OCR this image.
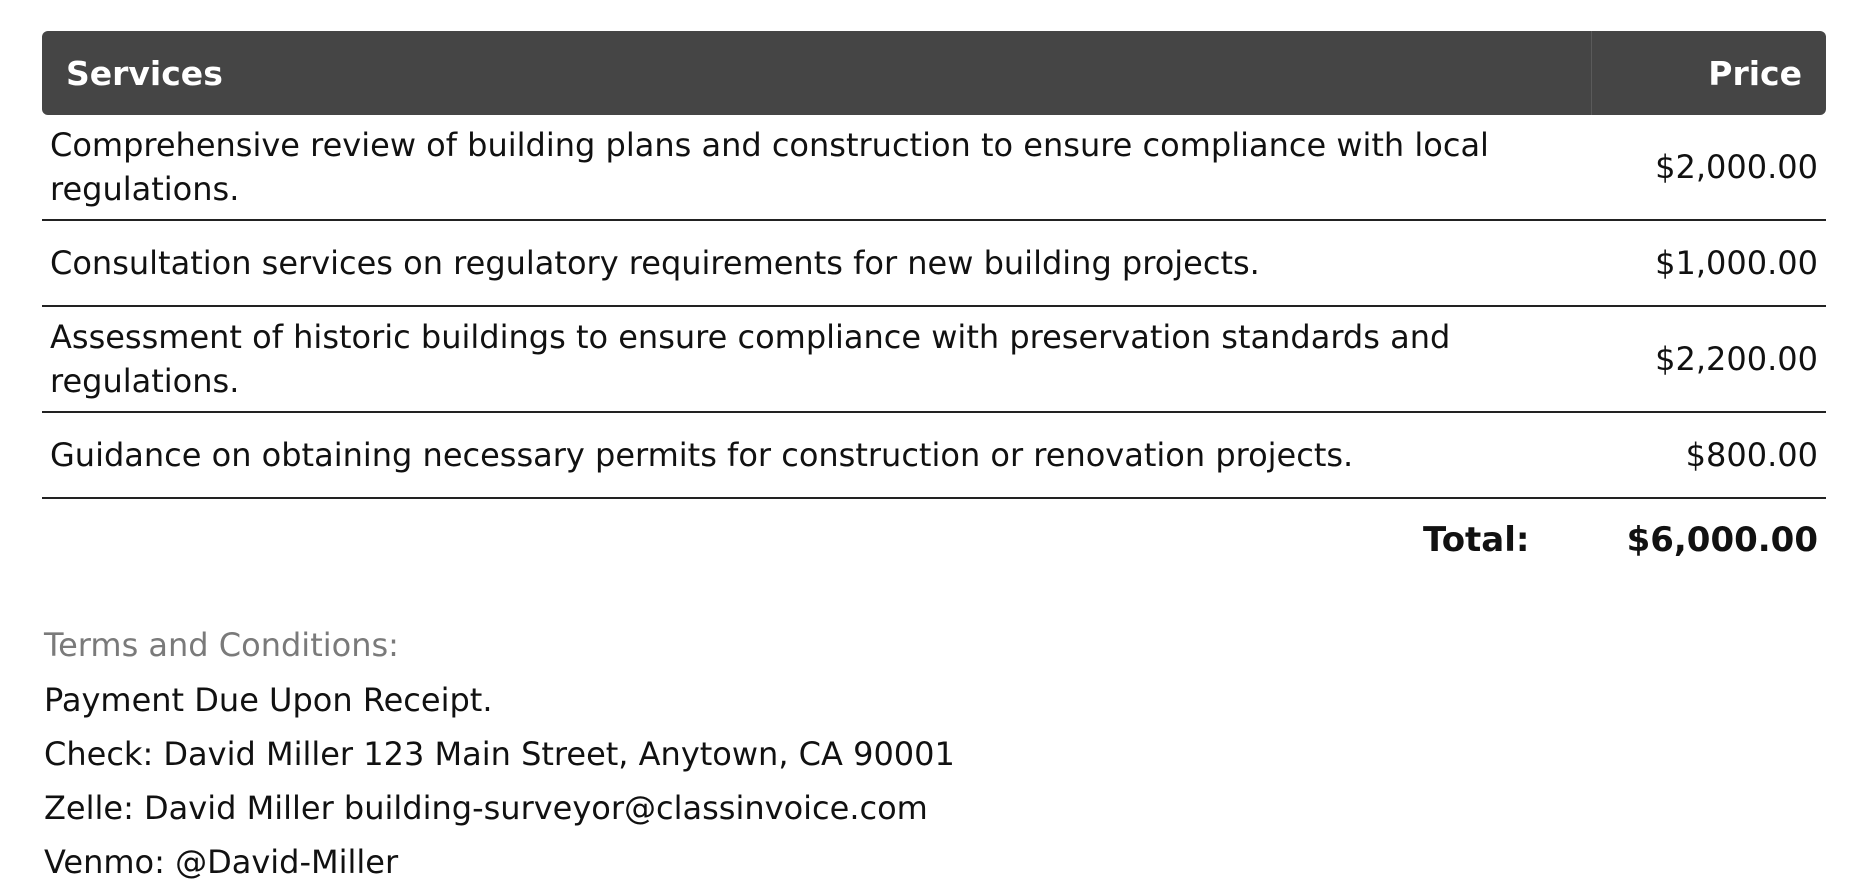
Services	Price
Comprehensive review of building plans and construction to ensure compliance with local regulations.	$2,000.00
Consultation services on regulatory requirements for new building projects.	$1,000.00
Assessment of historic buildings to ensure compliance with preservation standards and regulations.	$2,200.00
Guidance on obtaining necessary permits for construction or renovation projects.	$800.00
Total:	$6,000.00

Terms and Conditions:

Payment Due Upon Receipt.

Check: David Miller 123 Main Street, Anytown, CA 90001

Zelle: David Miller building-surveyor@classinvoice.com

Venmo: @David-Miller
